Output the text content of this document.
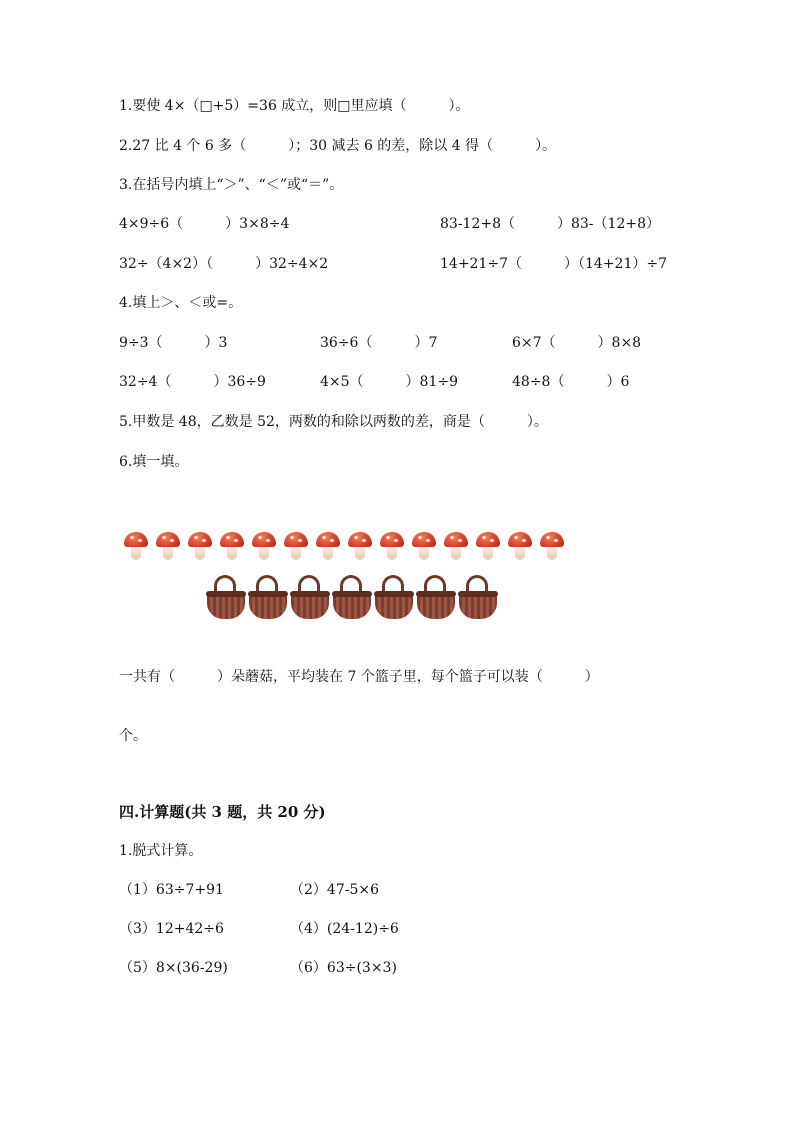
1.要使 4×（□+5）=36 成立，则□里应填（　　　）。
2.27 比 4 个 6 多（　　　）；30 减去 6 的差，除以 4 得（　　　）。
3.在括号内填上“＞”、“＜”或“＝”。
4×9÷6（　　　）3×8÷4	83-12+8（　　　）83-（12+8）
32÷（4×2）（　　　）32÷4×2	14+21÷7（　　　）（14+21）÷7
4.填上＞、＜或=。
9÷3（　　　）3	36÷6（　　　）7	6×7（　　　）8×8
32÷4（　　　）36÷9	4×5（　　　）81÷9	48÷8（　　　）6
5.甲数是 48，乙数是 52，两数的和除以两数的差，商是（　　　）。
6.填一填。
一共有（　　　）朵蘑菇，平均装在 7 个篮子里，每个篮子可以装（　　　）
个。
四.计算题(共 3 题，共 20 分)
1.脱式计算。
（1）63÷7+91	（2）47-5×6
（3）12+42÷6	（4）(24-12)÷6
（5）8×(36-29)	（6）63÷(3×3)
